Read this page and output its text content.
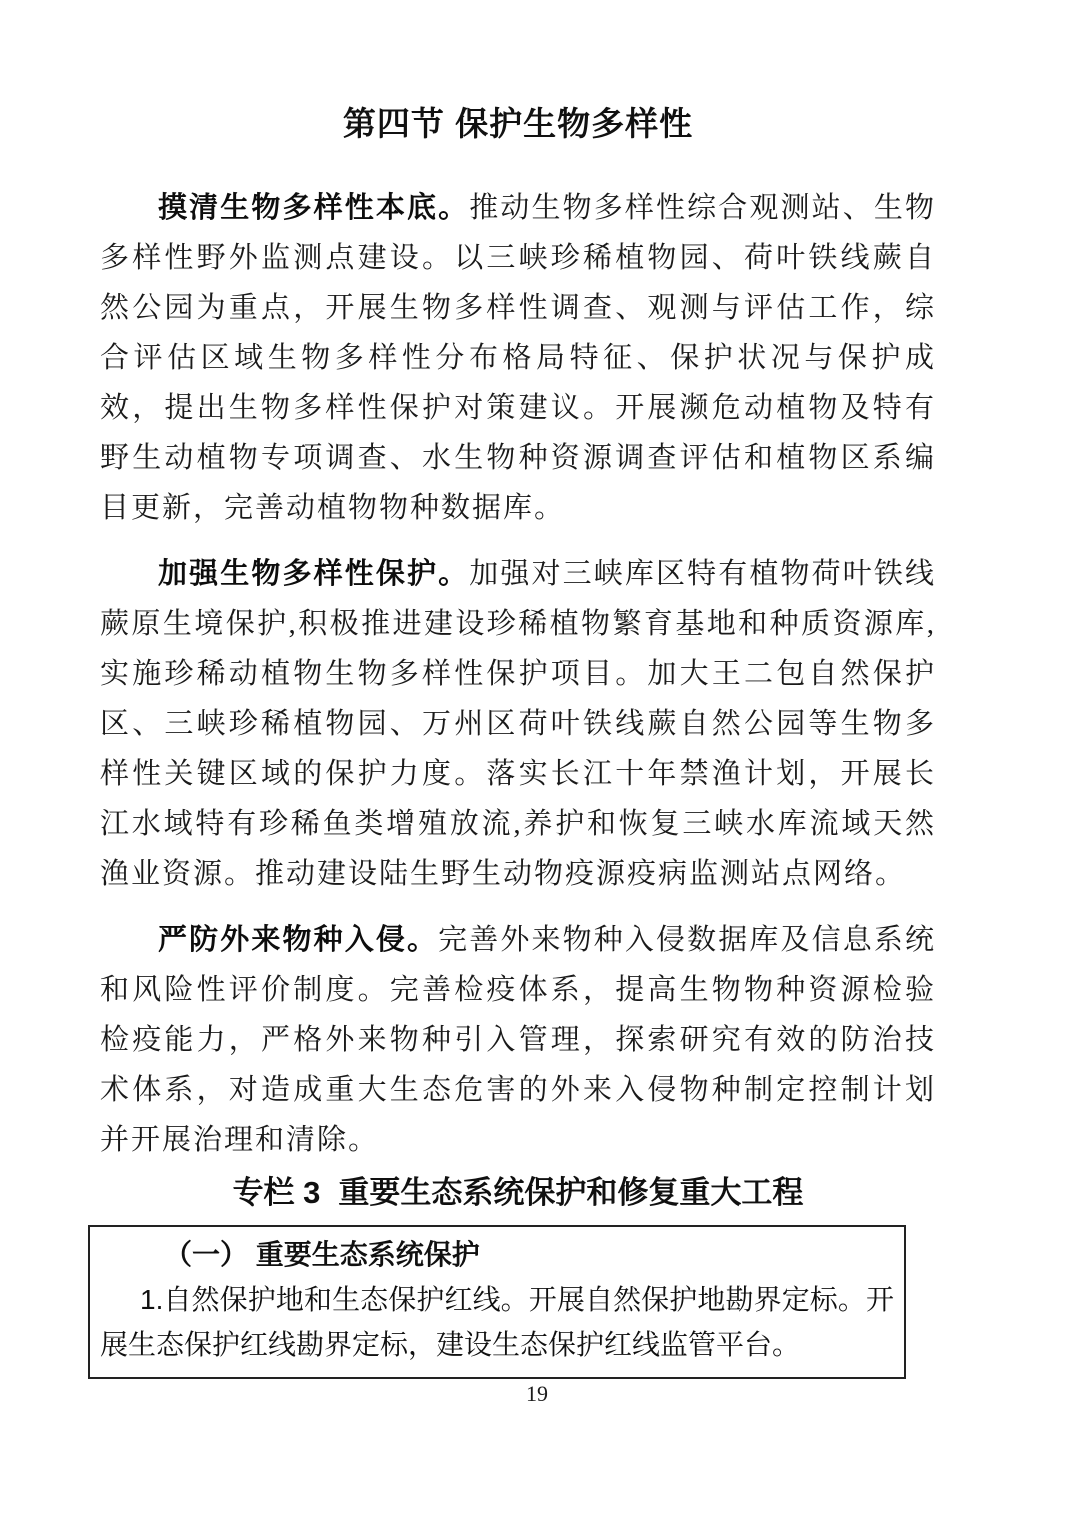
第四节 保护生物多样性

摸清生物多样性本底。推动生物多样性综合观测站、生物多样性野外监测点建设。以三峡珍稀植物园、荷叶铁线蕨自然公园为重点，开展生物多样性调查、观测与评估工作，综合评估区域生物多样性分布格局特征、保护状况与保护成效，提出生物多样性保护对策建议。开展濒危动植物及特有野生动植物专项调查、水生物种资源调查评估和植物区系编目更新，完善动植物物种数据库。

加强生物多样性保护。加强对三峡库区特有植物荷叶铁线蕨原生境保护,积极推进建设珍稀植物繁育基地和种质资源库,实施珍稀动植物生物多样性保护项目。加大王二包自然保护区、三峡珍稀植物园、万州区荷叶铁线蕨自然公园等生物多样性关键区域的保护力度。落实长江十年禁渔计划，开展长江水域特有珍稀鱼类增殖放流,养护和恢复三峡水库流域天然渔业资源。推动建设陆生野生动物疫源疫病监测站点网络。

严防外来物种入侵。完善外来物种入侵数据库及信息系统和风险性评价制度。完善检疫体系，提高生物物种资源检验检疫能力，严格外来物种引入管理，探索研究有效的防治技术体系，对造成重大生态危害的外来入侵物种制定控制计划并开展治理和清除。

专栏 3 重要生态系统保护和修复重大工程

（一） 重要生态系统保护

1.自然保护地和生态保护红线。开展自然保护地勘界定标。开展生态保护红线勘界定标，建设生态保护红线监管平台。

19
